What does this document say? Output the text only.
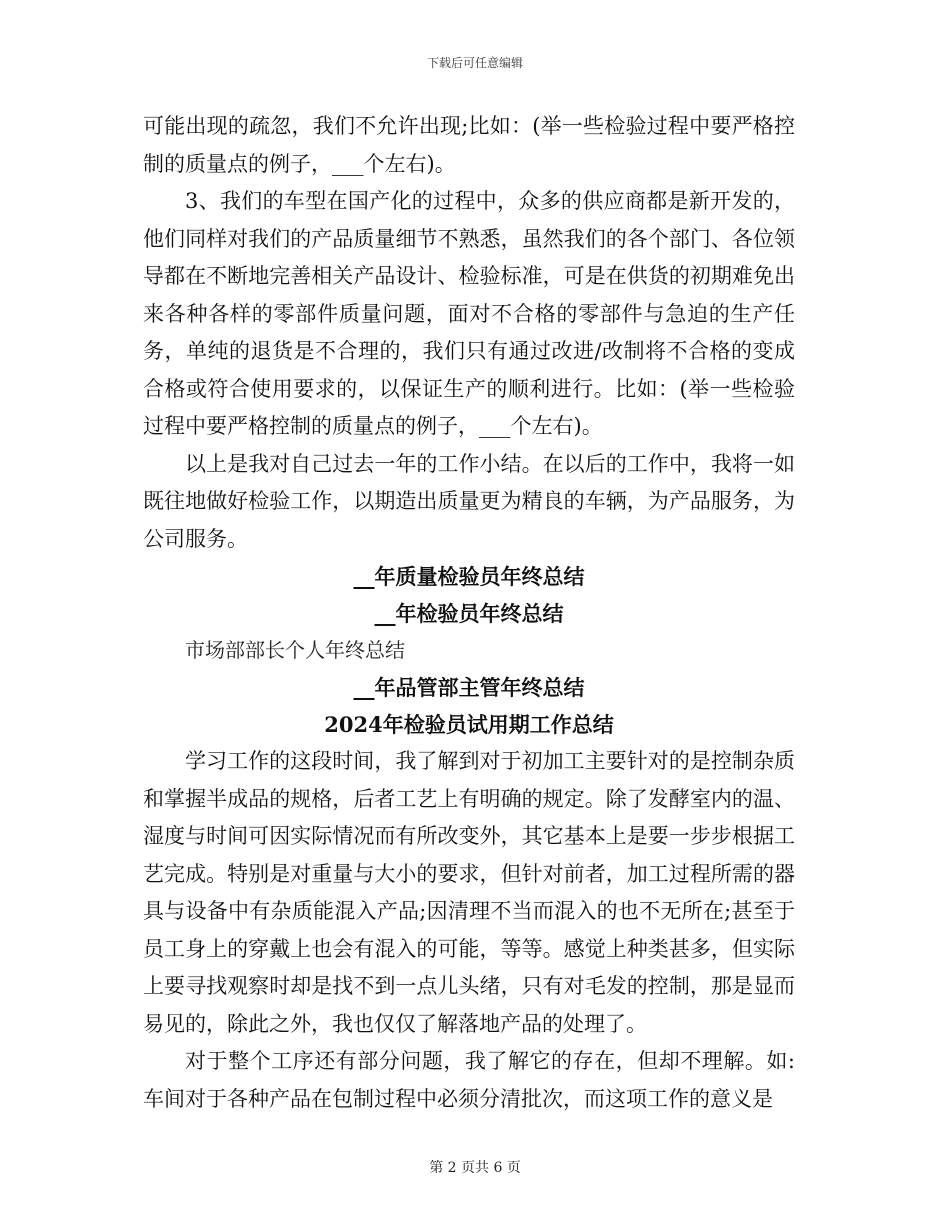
下载后可任意编辑

可能出现的疏忽，我们不允许出现;比如：(举一些检验过程中要严格控制的质量点的例子，___个左右)。

3、我们的车型在国产化的过程中，众多的供应商都是新开发的，他们同样对我们的产品质量细节不熟悉，虽然我们的各个部门、各位领导都在不断地完善相关产品设计、检验标准，可是在供货的初期难免出来各种各样的零部件质量问题，面对不合格的零部件与急迫的生产任务，单纯的退货是不合理的，我们只有通过改进/改制将不合格的变成合格或符合使用要求的，以保证生产的顺利进行。比如：(举一些检验过程中要严格控制的质量点的例子，___个左右)。

以上是我对自己过去一年的工作小结。在以后的工作中，我将一如既往地做好检验工作，以期造出质量更为精良的车辆，为产品服务，为公司服务。

__年质量检验员年终总结

__年检验员年终总结

市场部部长个人年终总结

__年品管部主管年终总结

2024年检验员试用期工作总结

学习工作的这段时间，我了解到对于初加工主要针对的是控制杂质和掌握半成品的规格，后者工艺上有明确的规定。除了发酵室内的温、湿度与时间可因实际情况而有所改变外，其它基本上是要一步步根据工艺完成。特别是对重量与大小的要求，但针对前者，加工过程所需的器具与设备中有杂质能混入产品;因清理不当而混入的也不无所在;甚至于员工身上的穿戴上也会有混入的可能，等等。感觉上种类甚多，但实际上要寻找观察时却是找不到一点儿头绪，只有对毛发的控制，那是显而易见的，除此之外，我也仅仅了解落地产品的处理了。

对于整个工序还有部分问题，我了解它的存在，但却不理解。如:车间对于各种产品在包制过程中必须分清批次，而这项工作的意义是

第 2 页共 6 页
